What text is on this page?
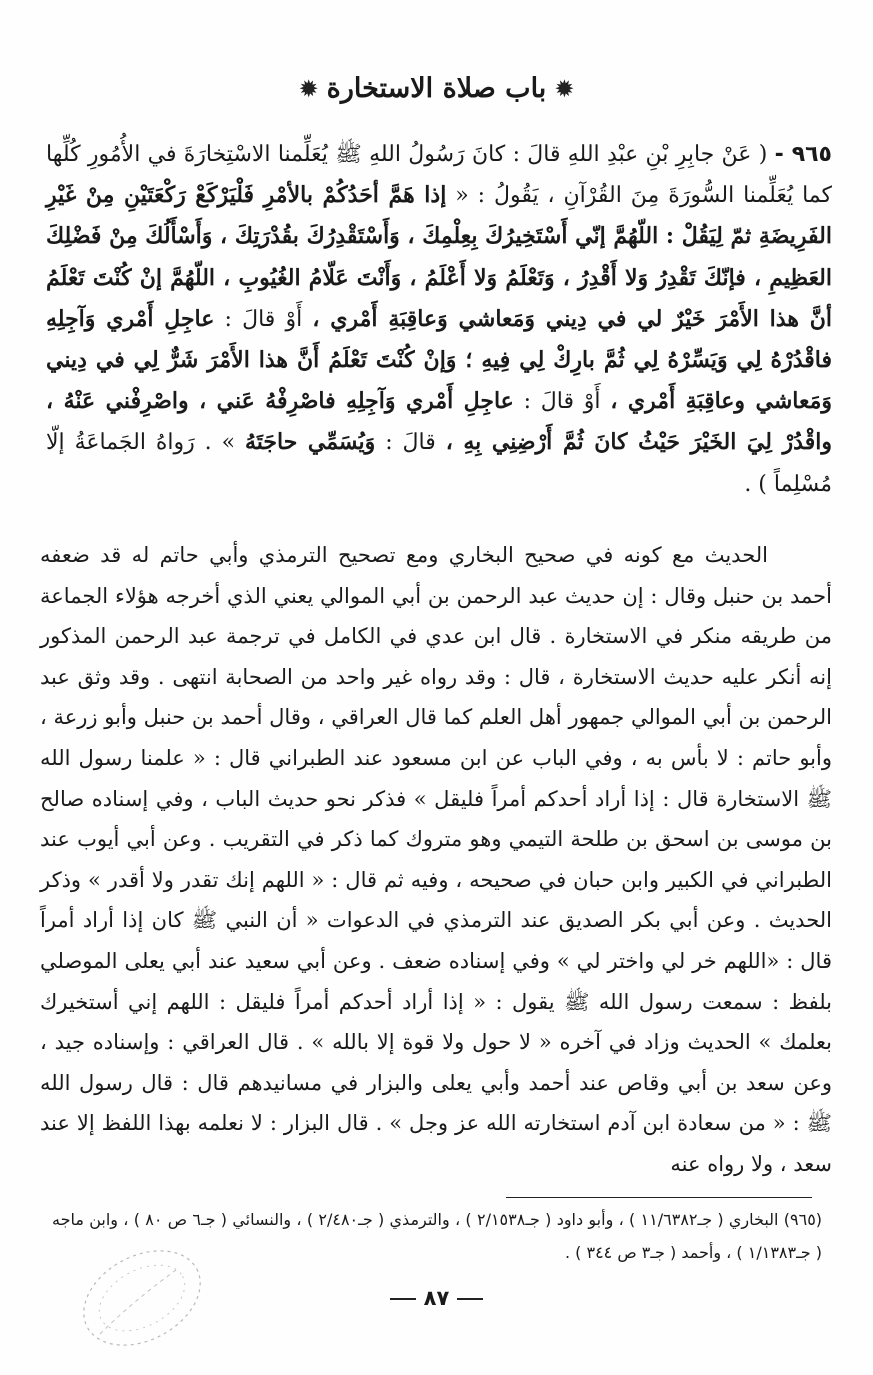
✹باب صلاة الاستخارة✹
٩٦٥ - ( عَنْ جابِرِ بْنِ عبْدِ اللهِ قالَ : كانَ رَسُولُ اللهِ ﷺ يُعَلِّمنا الاسْتِخارَةَ في الأُمُورِ كُلِّها كما يُعَلِّمنا السُّورَةَ مِنَ القُرْآنِ ، يَقُولُ : « إذا هَمَّ أحَدُكُمْ بالأمْرِ فَلْيَرْكَعْ رَكْعَتَيْنِ مِنْ غَيْرِ الفَرِيضَةِ ثمّ لِيَقُلْ : اللّهُمَّ إنّي أَسْتَخِيرُكَ بِعِلْمِكَ ، وَأَسْتَقْدِرُكَ بقُدْرَتِكَ ، وَأَسْأَلُكَ مِنْ فَضْلِكَ العَظِيمِ ، فإنّكَ تَقْدِرُ وَلا أَقْدِرُ ، وَتَعْلَمُ وَلا أَعْلَمُ ، وَأَنْتَ عَلّامُ الغُيُوبِ ، اللّهُمَّ إنْ كُنْتَ تَعْلَمُ أنَّ هذا الأَمْرَ خَيْرٌ لي في دِيني وَمَعاشي وَعاقِبَةِ أَمْري ، أَوْ قالَ : عاجِلِ أَمْري وَآجِلِهِ فاقْدُرْهُ لِي وَيَسِّرْهُ لِي ثُمَّ بارِكْ لِي فِيهِ ؛ وَإنْ كُنْتَ تَعْلَمُ أَنَّ هذا الأَمْرَ شَرٌّ لِي في دِيني وَمَعاشي وعاقِبَةِ أَمْري ، أَوْ قالَ : عاجِلِ أَمْري وَآجِلِهِ فاصْرِفْهُ عَني ، واصْرِفْني عَنْهُ ، واقْدُرْ لِيَ الخَيْرَ حَيْثُ كانَ ثُمَّ أَرْضِنِي بِهِ ، قالَ : وَيُسَمِّي حاجَتَهُ » . رَواهُ الجَماعَةُ إلّا مُسْلِماً ) .

الحديث مع كونه في صحيح البخاري ومع تصحيح الترمذي وأبي حاتم له قد ضعفه أحمد بن حنبل وقال : إن حديث عبد الرحمن بن أبي الموالي يعني الذي أخرجه هؤلاء الجماعة من طريقه منكر في الاستخارة . قال ابن عدي في الكامل في ترجمة عبد الرحمن المذكور إنه أنكر عليه حديث الاستخارة ، قال : وقد رواه غير واحد من الصحابة انتهى . وقد وثق عبد الرحمن بن أبي الموالي جمهور أهل العلم كما قال العراقي ، وقال أحمد بن حنبل وأبو زرعة ، وأبو حاتم : لا بأس به ، وفي الباب عن ابن مسعود عند الطبراني قال : « علمنا رسول الله ﷺ الاستخارة قال : إذا أراد أحدكم أمراً فليقل » فذكر نحو حديث الباب ، وفي إسناده صالح بن موسى بن اسحق بن طلحة التيمي وهو متروك كما ذكر في التقريب . وعن أبي أيوب عند الطبراني في الكبير وابن حبان في صحيحه ، وفيه ثم قال : « اللهم إنك تقدر ولا أقدر » وذكر الحديث . وعن أبي بكر الصديق عند الترمذي في الدعوات « أن النبي ﷺ كان إذا أراد أمراً قال : «اللهم خر لي واختر لي » وفي إسناده ضعف . وعن أبي سعيد عند أبي يعلى الموصلي بلفظ : سمعت رسول الله ﷺ يقول : « إذا أراد أحدكم أمراً فليقل : اللهم إني أستخيرك بعلمك » الحديث وزاد في آخره « لا حول ولا قوة إلا بالله » . قال العراقي : وإسناده جيد ، وعن سعد بن أبي وقاص عند أحمد وأبي يعلى والبزار في مسانيدهم قال : قال رسول الله ﷺ : « من سعادة ابن آدم استخارته الله عز وجل » . قال البزار : لا نعلمه بهذا اللفظ إلا عند سعد ، ولا رواه عنه

(٩٦٥) البخاري ( جـ١١/٦٣٨٢ ) ، وأبو داود ( جـ٢/١٥٣٨ ) ، والترمذي ( جـ٢/٤٨٠ ) ، والنسائي ( جـ٦ ص ٨٠ ) ، وابن ماجه ( جـ١/١٣٨٣ ) ، وأحمد ( جـ٣ ص ٣٤٤ ) .
٨٧
